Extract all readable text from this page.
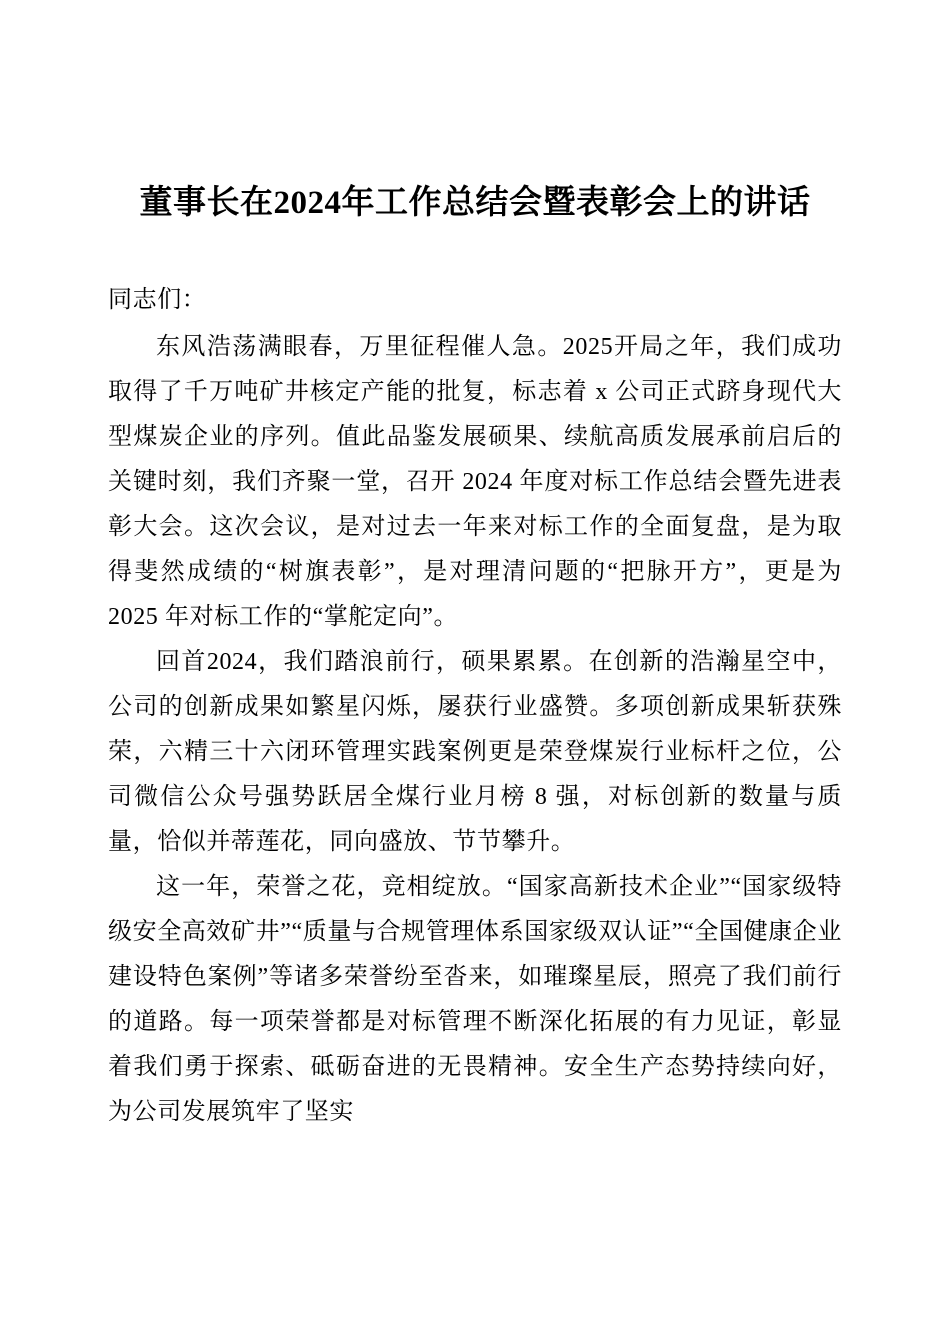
董事长在2024年工作总结会暨表彰会上的讲话

同志们：

东风浩荡满眼春，万里征程催人急。2025开局之年，我们成功取得了千万吨矿井核定产能的批复，标志着 x 公司正式跻身现代大型煤炭企业的序列。值此品鉴发展硕果、续航高质发展承前启后的关键时刻，我们齐聚一堂，召开 2024 年度对标工作总结会暨先进表彰大会。这次会议，是对过去一年来对标工作的全面复盘，是为取得斐然成绩的“树旗表彰”，是对理清问题的“把脉开方”，更是为 2025 年对标工作的“掌舵定向”。

回首2024，我们踏浪前行，硕果累累。在创新的浩瀚星空中，公司的创新成果如繁星闪烁，屡获行业盛赞。多项创新成果斩获殊荣，六精三十六闭环管理实践案例更是荣登煤炭行业标杆之位，公司微信公众号强势跃居全煤行业月榜 8 强，对标创新的数量与质量，恰似并蒂莲花，同向盛放、节节攀升。

这一年，荣誉之花，竞相绽放。“国家高新技术企业”“国家级特级安全高效矿井”“质量与合规管理体系国家级双认证”“全国健康企业建设特色案例”等诸多荣誉纷至沓来，如璀璨星辰，照亮了我们前行的道路。每一项荣誉都是对标管理不断深化拓展的有力见证，彰显着我们勇于探索、砥砺奋进的无畏精神。安全生产态势持续向好，为公司发展筑牢了坚实
